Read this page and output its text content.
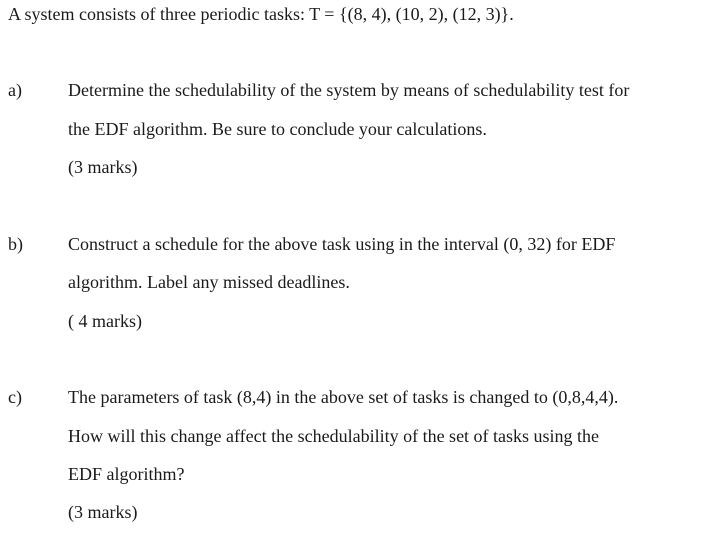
A system consists of three periodic tasks: T = {(8, 4), (10, 2), (12, 3)}.
a)	Determine the schedulability of the system by means of schedulability test for
the EDF algorithm. Be sure to conclude your calculations.
(3 marks)
b)	Construct a schedule for the above task using in the interval (0, 32) for EDF
algorithm. Label any missed deadlines.
( 4 marks)
c)	The parameters of task (8,4) in the above set of tasks is changed to (0,8,4,4).
How will this change affect the schedulability of the set of tasks using the
EDF algorithm?
(3 marks)
